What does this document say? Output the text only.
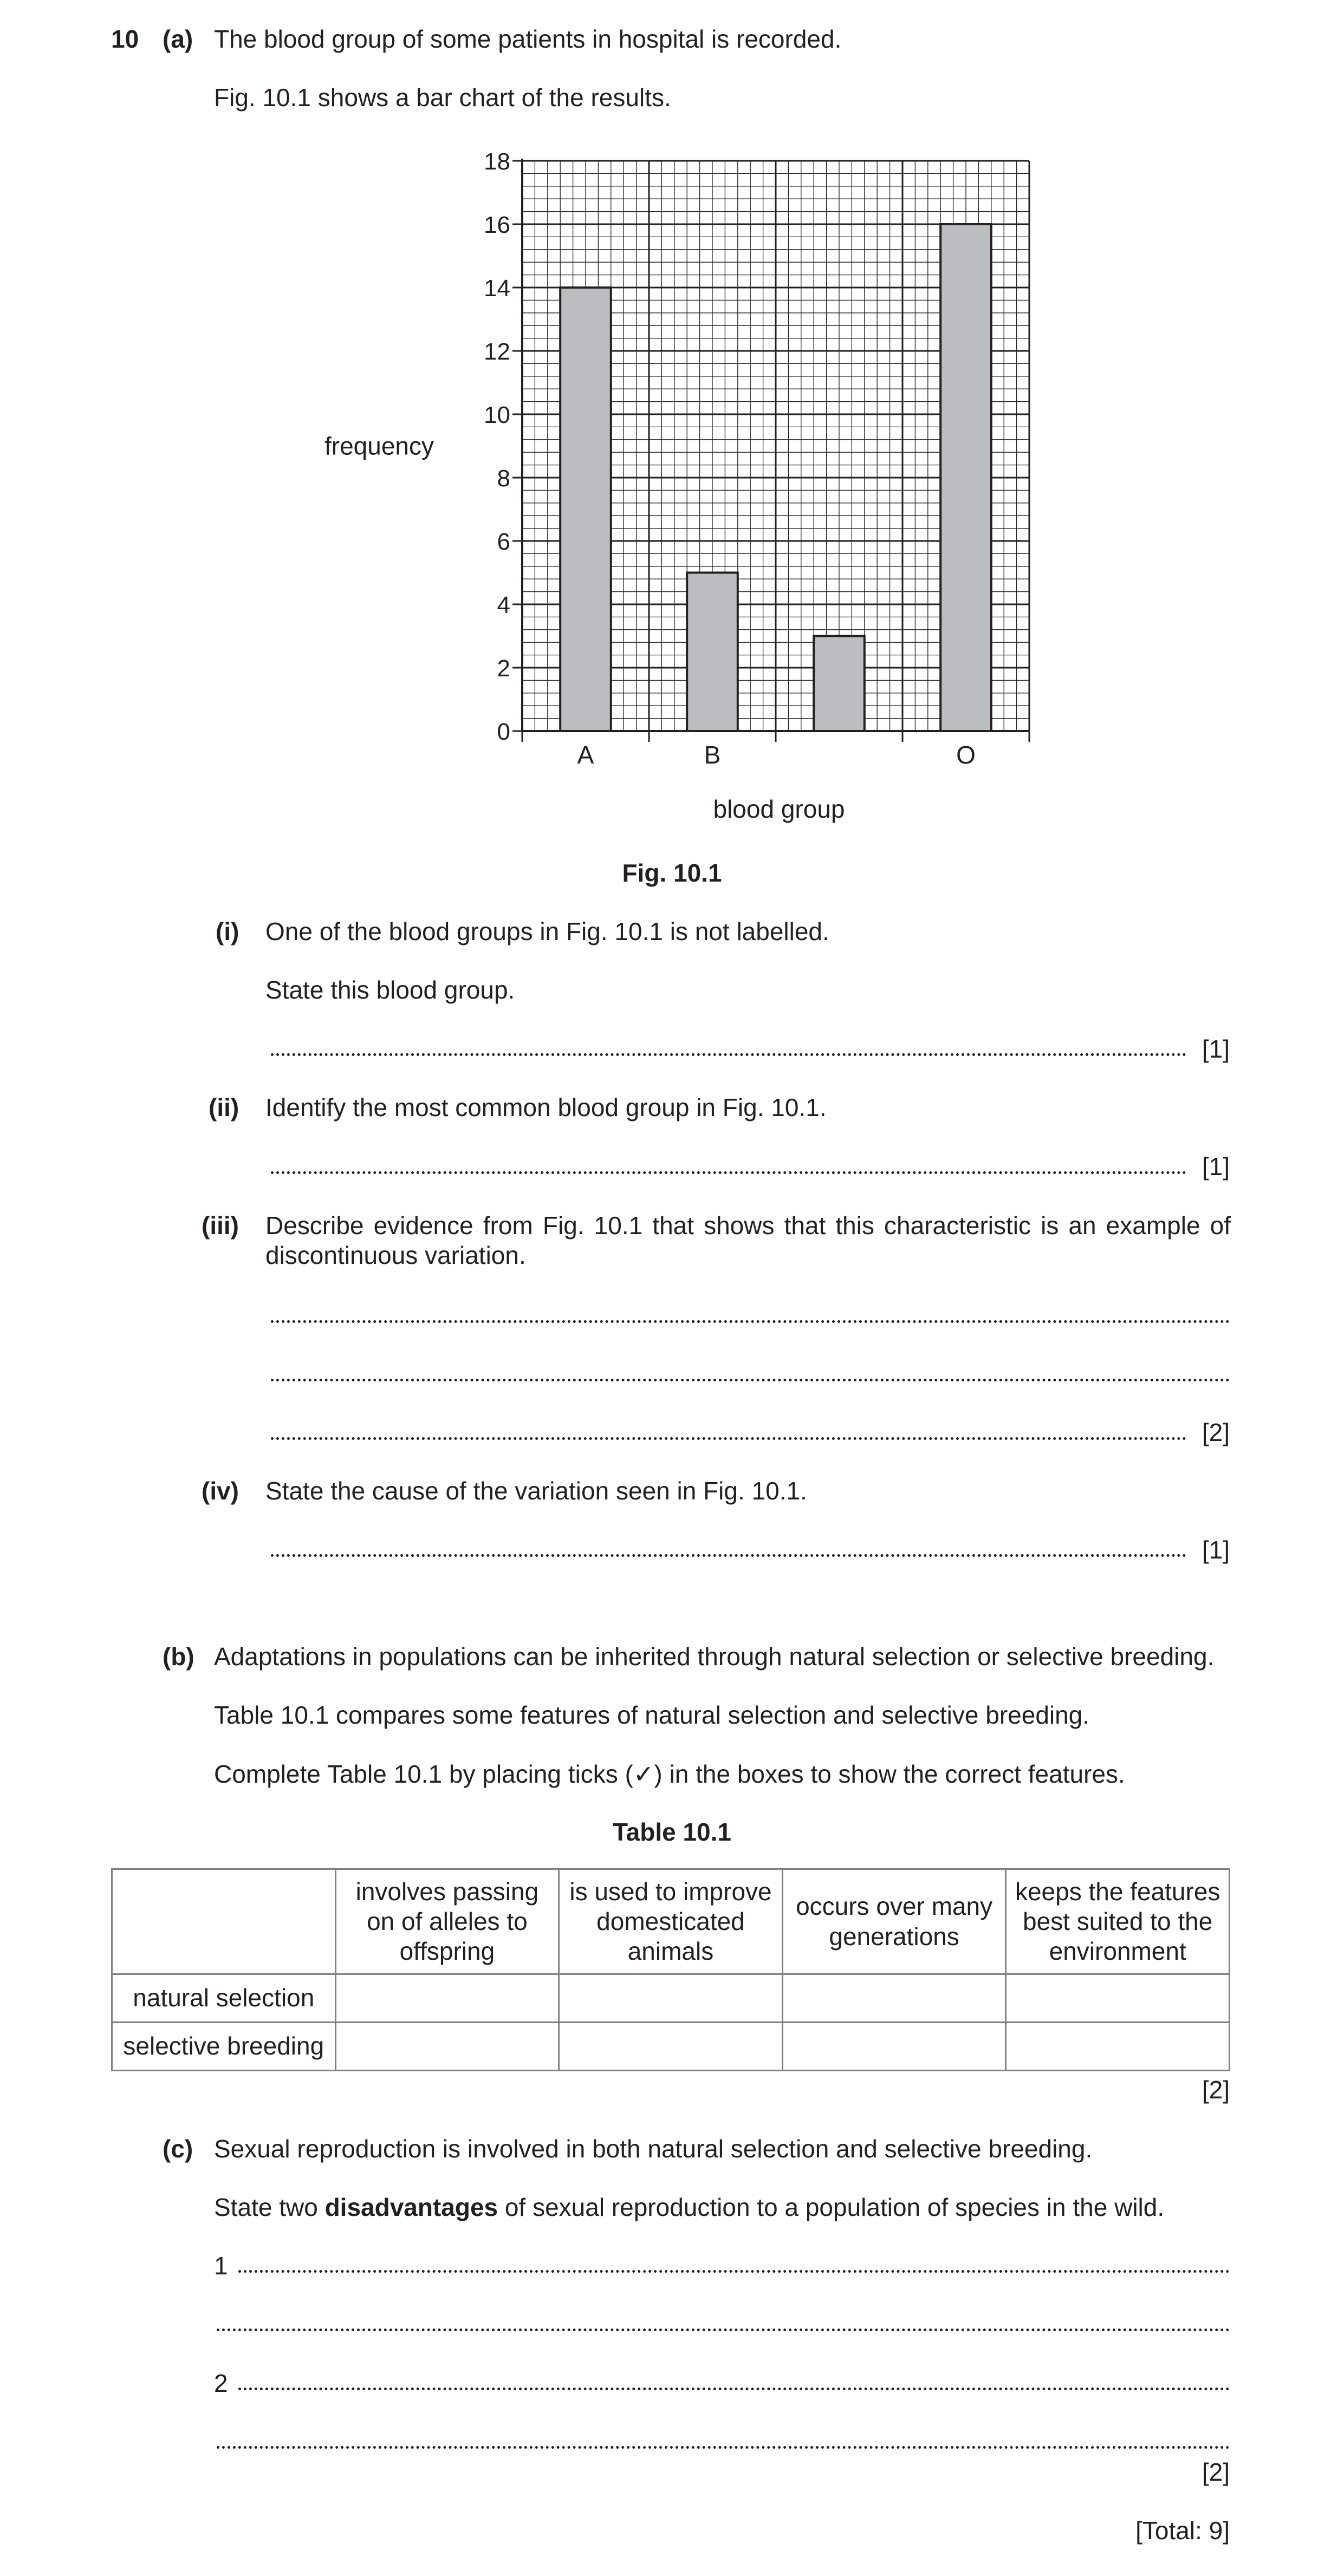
10 (a) The blood group of some patients in hospital is recorded.
Fig. 10.1 shows a bar chart of the results.
0
2
4
6
8
10
12
14
16
18
A	B	O
blood group
frequency
Fig. 10.1
(i) One of the blood groups in Fig. 10.1 is not labelled.
State this blood group.
[1]
(ii) Identify the most common blood group in Fig. 10.1.
[1]
(iii) Describe evidence from Fig. 10.1 that shows that this characteristic is an example of discontinuous variation.
[2]
(iv) State the cause of the variation seen in Fig. 10.1.
[1]
(b) Adaptations in populations can be inherited through natural selection or selective breeding.
Table 10.1 compares some features of natural selection and selective breeding.
Complete Table 10.1 by placing ticks (✓) in the boxes to show the correct features.
Table 10.1
	involves passing on of alleles to offspring	is used to improve domesticated animals	occurs over many generations	keeps the features best suited to the environment
natural selection				
selective breeding				
[2]
(c) Sexual reproduction is involved in both natural selection and selective breeding.
State two disadvantages of sexual reproduction to a population of species in the wild.
1
2
[2]
[Total: 9]
